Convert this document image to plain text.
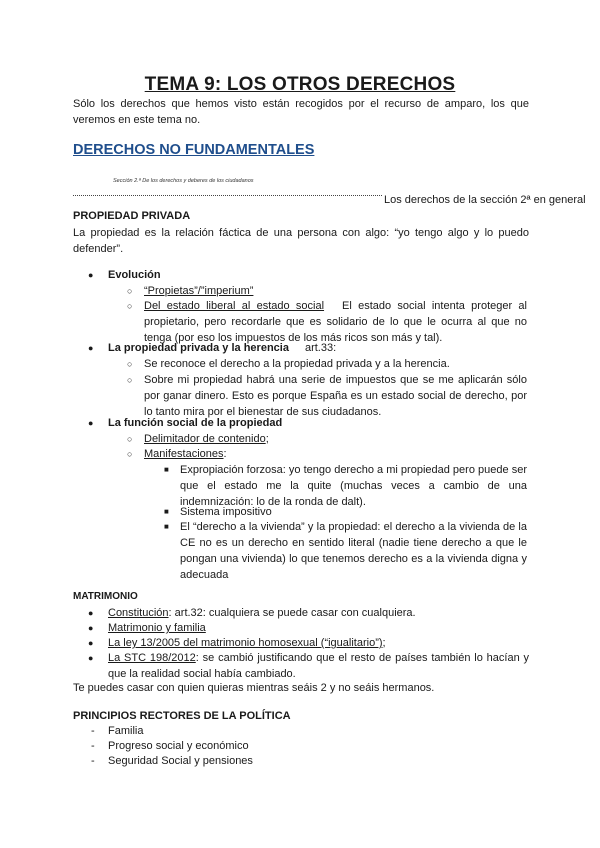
TEMA 9: LOS OTROS DERECHOS
Sólo los derechos que hemos visto están recogidos por el recurso de amparo, los que veremos en este tema no.
DERECHOS NO FUNDAMENTALES
Sección 2.ª De los derechos y deberes de los ciudadanos
Los derechos de la sección 2ª en general
PROPIEDAD PRIVADA
La propiedad es la relación fáctica de una persona con algo: “yo tengo algo y lo puedo defender”.
● Evolución
○ “Propietas”/”imperium”
○ Del estado liberal al estado social El estado social intenta proteger al propietario, pero recordarle que es solidario de lo que le ocurra al que no tenga (por eso los impuestos de los más ricos son más y tal).
● La propiedad privada y la herencia art.33:
○ Se reconoce el derecho a la propiedad privada y a la herencia.
○ Sobre mi propiedad habrá una serie de impuestos que se me aplicarán sólo por ganar dinero. Esto es porque España es un estado social de derecho, por lo tanto mira por el bienestar de sus ciudadanos.
● La función social de la propiedad
○ Delimitador de contenido;
○ Manifestaciones:
■ Expropiación forzosa: yo tengo derecho a mi propiedad pero puede ser que el estado me la quite (muchas veces a cambio de una indemnización: lo de la ronda de dalt).
■ Sistema impositivo
■ El “derecho a la vivienda” y la propiedad: el derecho a la vivienda de la CE no es un derecho en sentido literal (nadie tiene derecho a que le pongan una vivienda) lo que tenemos derecho es a la vivienda digna y adecuada
MATRIMONIO
● Constitución: art.32: cualquiera se puede casar con cualquiera.
● Matrimonio y familia
● La ley 13/2005 del matrimonio homosexual (“igualitario”);
● La STC 198/2012: se cambió justificando que el resto de países también lo hacían y que la realidad social había cambiado.
Te puedes casar con quien quieras mientras seáis 2 y no seáis hermanos.
PRINCIPIOS RECTORES DE LA POLÍTICA
- Familia
- Progreso social y económico
- Seguridad Social y pensiones
